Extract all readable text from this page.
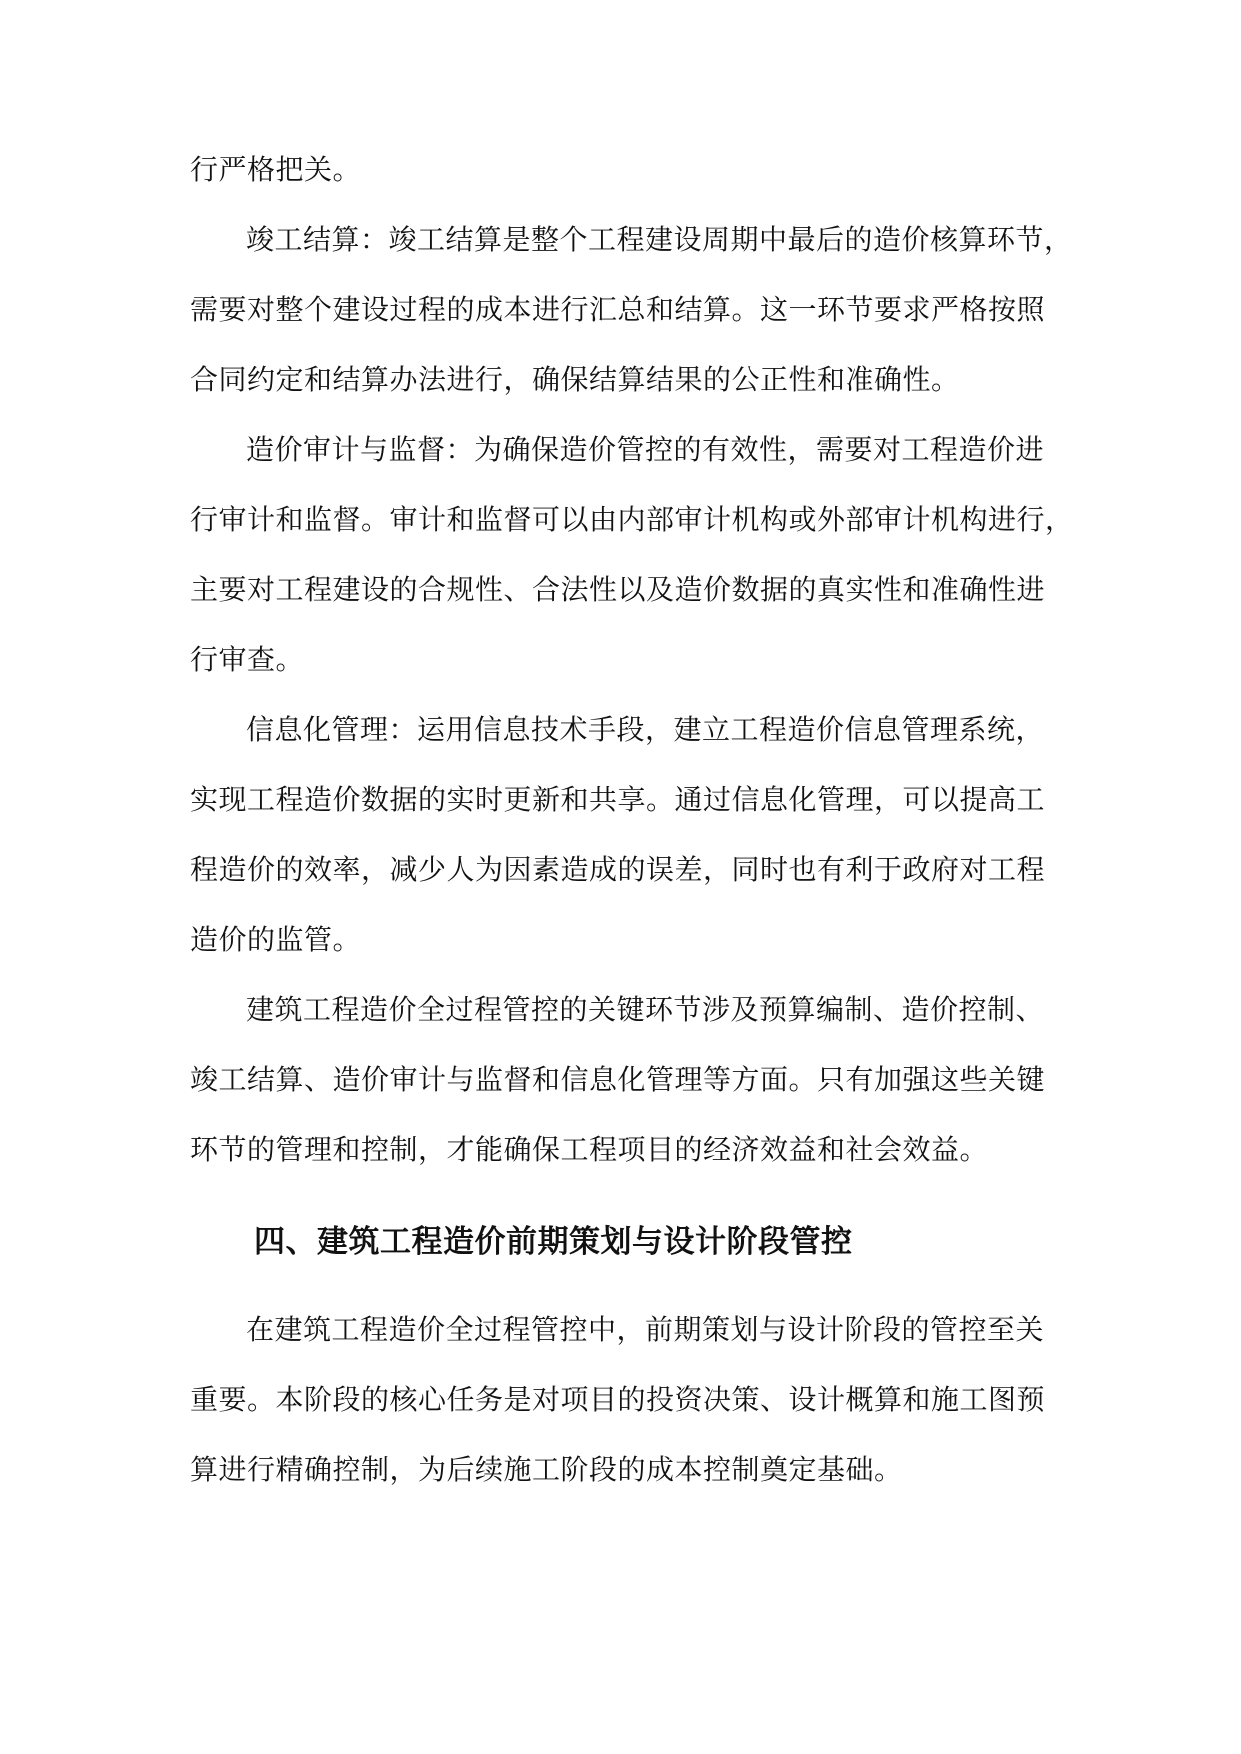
行严格把关。
竣工结算：竣工结算是整个工程建设周期中最后的造价核算环节，
需要对整个建设过程的成本进行汇总和结算。这一环节要求严格按照
合同约定和结算办法进行，确保结算结果的公正性和准确性。
造价审计与监督：为确保造价管控的有效性，需要对工程造价进
行审计和监督。审计和监督可以由内部审计机构或外部审计机构进行，
主要对工程建设的合规性、合法性以及造价数据的真实性和准确性进
行审查。
信息化管理：运用信息技术手段，建立工程造价信息管理系统，
实现工程造价数据的实时更新和共享。通过信息化管理，可以提高工
程造价的效率，减少人为因素造成的误差，同时也有利于政府对工程
造价的监管。
建筑工程造价全过程管控的关键环节涉及预算编制、造价控制、
竣工结算、造价审计与监督和信息化管理等方面。只有加强这些关键
环节的管理和控制，才能确保工程项目的经济效益和社会效益。
四、建筑工程造价前期策划与设计阶段管控
在建筑工程造价全过程管控中，前期策划与设计阶段的管控至关
重要。本阶段的核心任务是对项目的投资决策、设计概算和施工图预
算进行精确控制，为后续施工阶段的成本控制奠定基础。
